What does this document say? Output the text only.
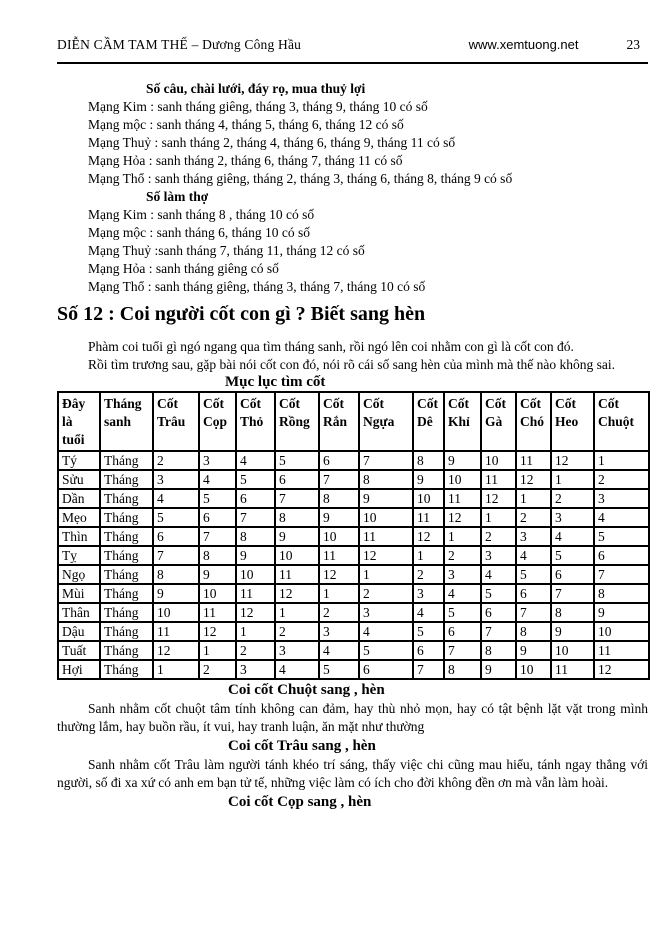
DIỄN CẦM TAM THẾ – Dương Công Hầu	www.xemtuong.net	23
Số câu, chài lưới, đáy rọ, mua thuỷ lợi
Mạng Kim : sanh tháng giêng, tháng 3, tháng 9, tháng 10 có số
Mạng mộc : sanh tháng 4, tháng 5, tháng 6, tháng 12 có số
Mạng Thuỷ : sanh tháng 2, tháng 4, tháng 6, tháng 9, tháng 11 có số
Mạng Hỏa : sanh tháng 2, tháng 6, tháng 7, tháng 11 có số
Mạng Thổ : sanh tháng giêng, tháng 2, tháng 3, tháng 6, tháng 8, tháng 9 có số
Số làm thợ
Mạng Kim : sanh tháng 8 , tháng 10 có số
Mạng mộc : sanh tháng 6, tháng 10 có số
Mạng Thuỷ :sanh tháng 7, tháng 11, tháng 12 có số
Mạng Hỏa : sanh tháng giêng có số
Mạng Thổ : sanh tháng giêng, tháng 3, tháng 7, tháng 10 có số
Số 12 : Coi người cốt con gì ? Biết sang hèn

Phàm coi tuổi gì ngó ngang qua tìm tháng sanh, rồi ngó lên coi nhằm con gì là cốt con đó.

Rồi tìm trương sau, gặp bài nói cốt con đó, nói rõ cái số sang hèn của mình mà thế nào không sai.

Mục lục tìm cốt
Đây là tuổi	Tháng sanh	Cốt Trâu	Cốt Cọp	Cốt Thỏ	Cốt Rồng	Cốt Rắn	Cốt Ngựa	Cốt Dê	Cốt Khỉ	Cốt Gà	Cốt Chó	Cốt Heo	Cốt Chuột
Tý	Tháng	2	3	4	5	6	7	8	9	10	11	12	1
Sửu	Tháng	3	4	5	6	7	8	9	10	11	12	1	2
Dần	Tháng	4	5	6	7	8	9	10	11	12	1	2	3
Mẹo	Tháng	5	6	7	8	9	10	11	12	1	2	3	4
Thìn	Tháng	6	7	8	9	10	11	12	1	2	3	4	5
Tỵ	Tháng	7	8	9	10	11	12	1	2	3	4	5	6
Ngọ	Tháng	8	9	10	11	12	1	2	3	4	5	6	7
Mùi	Tháng	9	10	11	12	1	2	3	4	5	6	7	8
Thân	Tháng	10	11	12	1	2	3	4	5	6	7	8	9
Dậu	Tháng	11	12	1	2	3	4	5	6	7	8	9	10
Tuất	Tháng	12	1	2	3	4	5	6	7	8	9	10	11
Hợi	Tháng	1	2	3	4	5	6	7	8	9	10	11	12
Coi cốt Chuột sang , hèn

Sanh nhằm cốt chuột tâm tính không can đảm, hay thù nhỏ mọn, hay có tật bệnh lặt vặt trong mình thường lắm, hay buồn rầu, ít vui, hay tranh luận, ăn mặt như thường

Coi cốt Trâu sang , hèn

Sanh nhằm cốt Trâu làm người tánh khéo trí sáng, thấy việc chi cũng mau hiểu, tánh ngay thẳng với người, số đi xa xứ có anh em bạn tử tế, những việc làm có ích cho đời không đền ơn mà vẫn làm hoài.

Coi cốt Cọp sang , hèn
